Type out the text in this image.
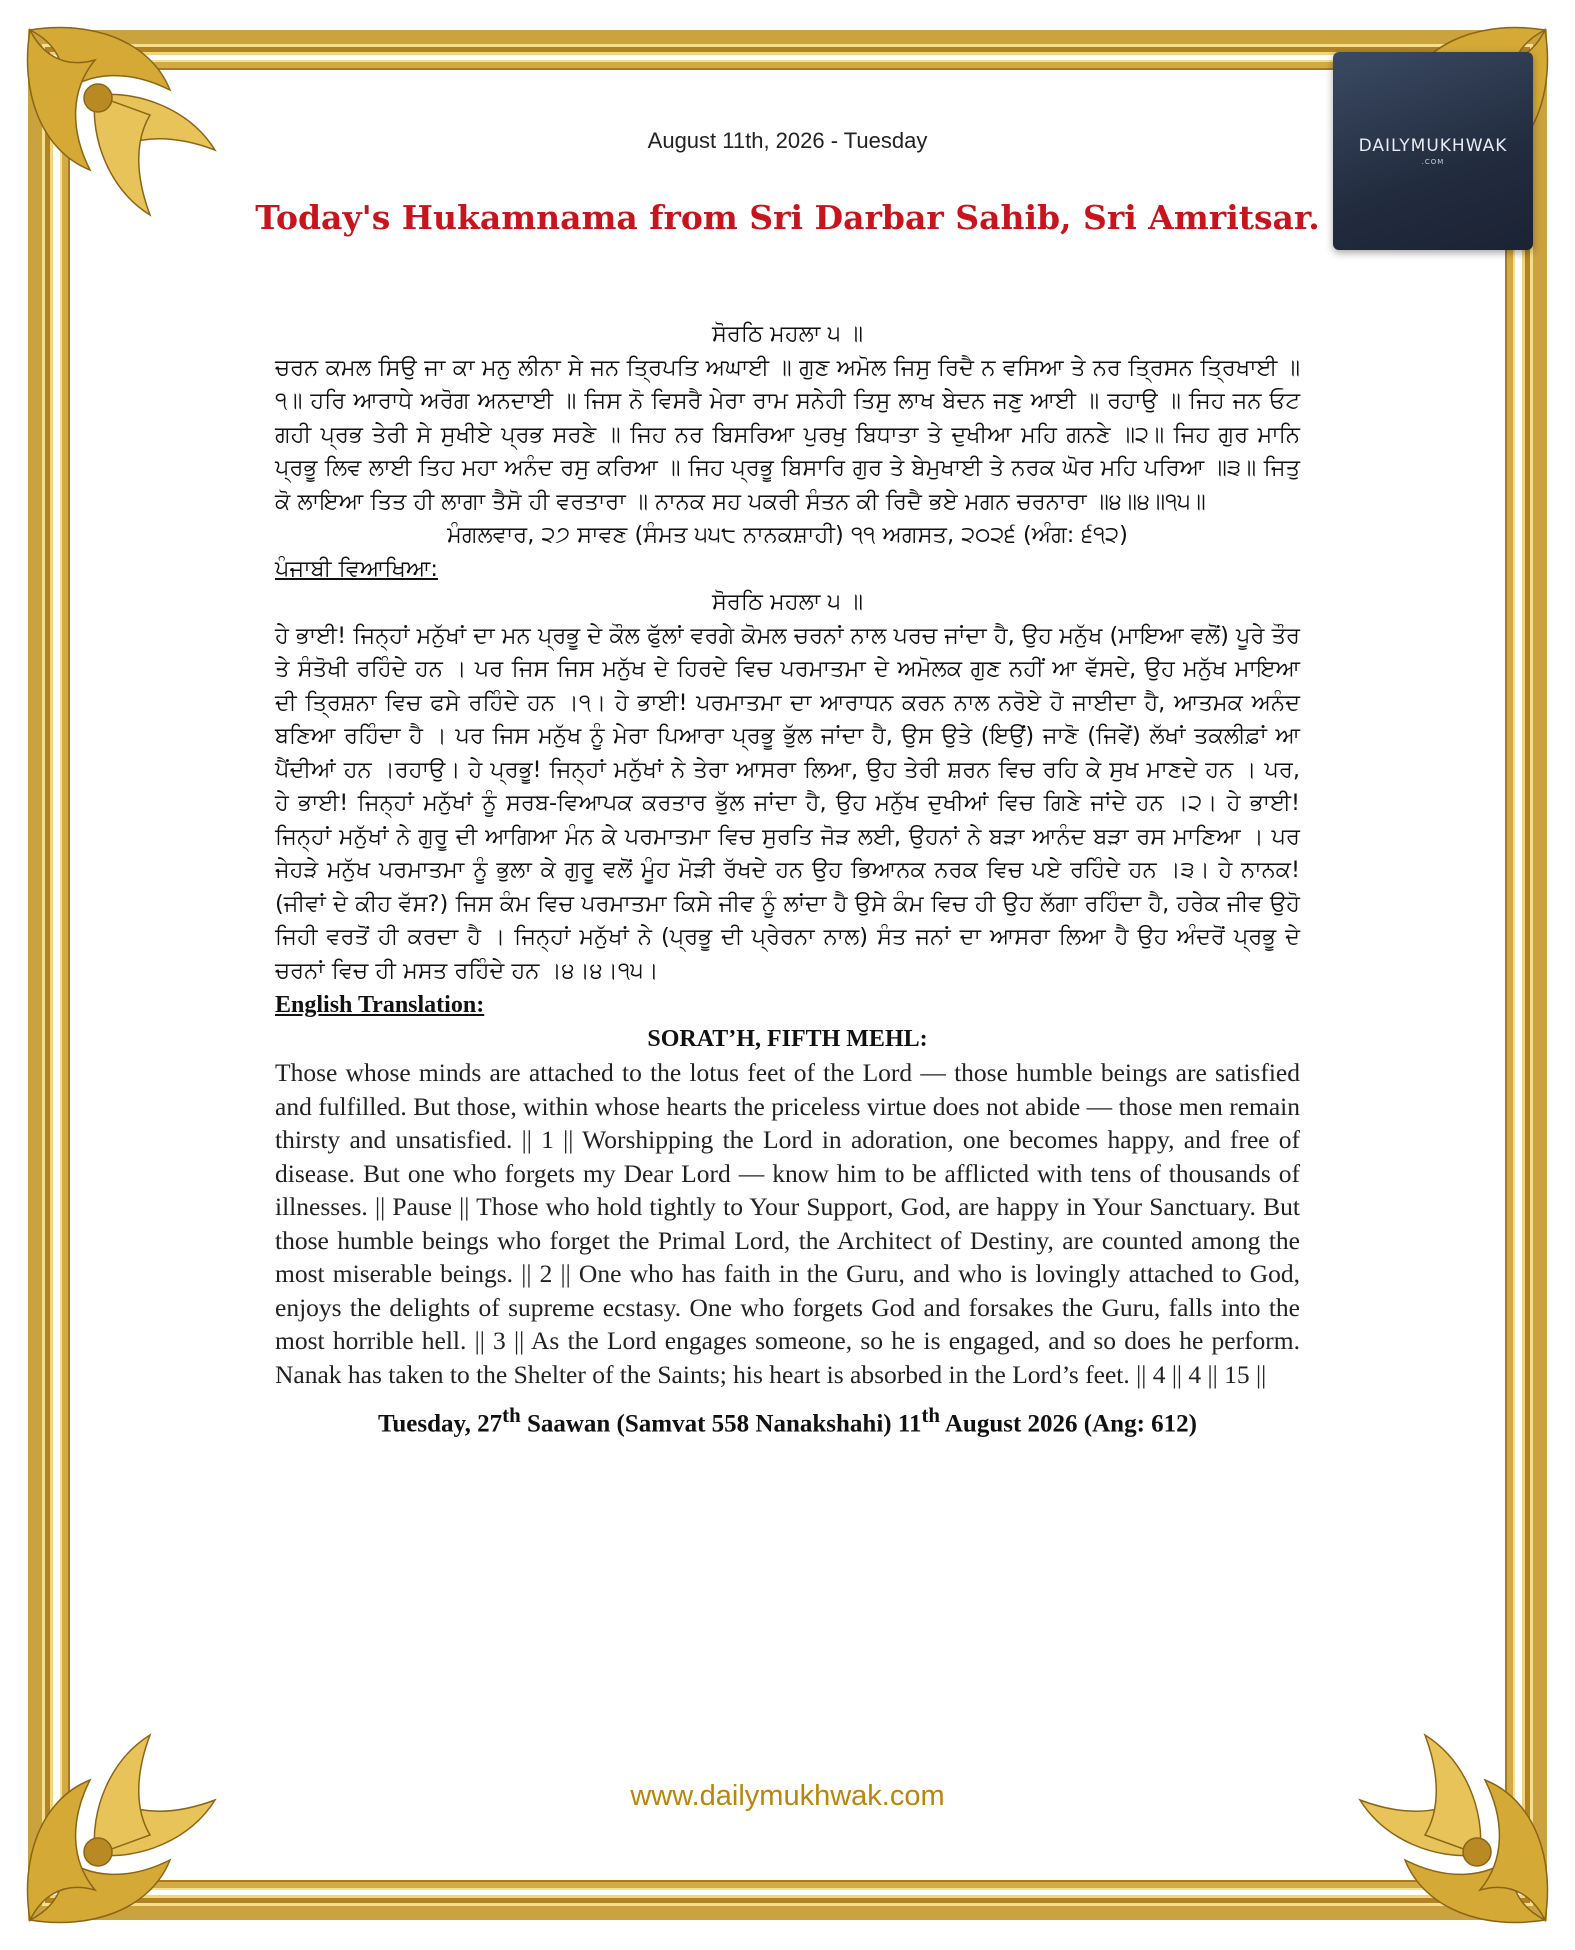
DAILYMUKHWAK
.COM
August 11th, 2026 - Tuesday
Today's Hukamnama from Sri Darbar Sahib, Sri Amritsar.
ਸੋਰਠਿ ਮਹਲਾ ੫ ॥
ਚਰਨ ਕਮਲ ਸਿਉ ਜਾ ਕਾ ਮਨੁ ਲੀਨਾ ਸੇ ਜਨ ਤ੍ਰਿਪਤਿ ਅਘਾਈ ॥ ਗੁਣ ਅਮੋਲ ਜਿਸੁ ਰਿਦੈ ਨ ਵਸਿਆ ਤੇ ਨਰ ਤ੍ਰਿਸਨ ਤ੍ਰਿਖਾਈ ॥੧॥ ਹਰਿ ਆਰਾਧੇ ਅਰੋਗ ਅਨਦਾਈ ॥ ਜਿਸ ਨੋ ਵਿਸਰੈ ਮੇਰਾ ਰਾਮ ਸਨੇਹੀ ਤਿਸੁ ਲਾਖ ਬੇਦਨ ਜਣੁ ਆਈ ॥ ਰਹਾਉ ॥ ਜਿਹ ਜਨ ਓਟ ਗਹੀ ਪ੍ਰਭ ਤੇਰੀ ਸੇ ਸੁਖੀਏ ਪ੍ਰਭ ਸਰਣੇ ॥ ਜਿਹ ਨਰ ਬਿਸਰਿਆ ਪੁਰਖੁ ਬਿਧਾਤਾ ਤੇ ਦੁਖੀਆ ਮਹਿ ਗਨਣੇ ॥੨॥ ਜਿਹ ਗੁਰ ਮਾਨਿ ਪ੍ਰਭੂ ਲਿਵ ਲਾਈ ਤਿਹ ਮਹਾ ਅਨੰਦ ਰਸੁ ਕਰਿਆ ॥ ਜਿਹ ਪ੍ਰਭੂ ਬਿਸਾਰਿ ਗੁਰ ਤੇ ਬੇਮੁਖਾਈ ਤੇ ਨਰਕ ਘੋਰ ਮਹਿ ਪਰਿਆ ॥੩॥ ਜਿਤੁ ਕੋ ਲਾਇਆ ਤਿਤ ਹੀ ਲਾਗਾ ਤੈਸੋ ਹੀ ਵਰਤਾਰਾ ॥ ਨਾਨਕ ਸਹ ਪਕਰੀ ਸੰਤਨ ਕੀ ਰਿਦੈ ਭਏ ਮਗਨ ਚਰਨਾਰਾ ॥੪॥੪॥੧੫॥
ਮੰਗਲਵਾਰ, ੨੭ ਸਾਵਣ (ਸੰਮਤ ੫੫੮ ਨਾਨਕਸ਼ਾਹੀ) ੧੧ ਅਗਸਤ, ੨੦੨੬ (ਅੰਗ: ੬੧੨)
ਪੰਜਾਬੀ ਵਿਆਖਿਆ:
ਸੋਰਠਿ ਮਹਲਾ ੫ ॥
ਹੇ ਭਾਈ! ਜਿਨ੍ਹਾਂ ਮਨੁੱਖਾਂ ਦਾ ਮਨ ਪ੍ਰਭੂ ਦੇ ਕੌਲ ਫੁੱਲਾਂ ਵਰਗੇ ਕੋਮਲ ਚਰਨਾਂ ਨਾਲ ਪਰਚ ਜਾਂਦਾ ਹੈ, ਉਹ ਮਨੁੱਖ (ਮਾਇਆ ਵਲੋਂ) ਪੂਰੇ ਤੌਰ ਤੇ ਸੰਤੋਖੀ ਰਹਿੰਦੇ ਹਨ । ਪਰ ਜਿਸ ਜਿਸ ਮਨੁੱਖ ਦੇ ਹਿਰਦੇ ਵਿਚ ਪਰਮਾਤਮਾ ਦੇ ਅਮੋਲਕ ਗੁਣ ਨਹੀਂ ਆ ਵੱਸਦੇ, ਉਹ ਮਨੁੱਖ ਮਾਇਆ ਦੀ ਤ੍ਰਿਸ਼ਨਾ ਵਿਚ ਫਸੇ ਰਹਿੰਦੇ ਹਨ ।੧। ਹੇ ਭਾਈ! ਪਰਮਾਤਮਾ ਦਾ ਆਰਾਧਨ ਕਰਨ ਨਾਲ ਨਰੋਏ ਹੋ ਜਾਈਦਾ ਹੈ, ਆਤਮਕ ਅਨੰਦ ਬਣਿਆ ਰਹਿੰਦਾ ਹੈ । ਪਰ ਜਿਸ ਮਨੁੱਖ ਨੂੰ ਮੇਰਾ ਪਿਆਰਾ ਪ੍ਰਭੂ ਭੁੱਲ ਜਾਂਦਾ ਹੈ, ਉਸ ਉਤੇ (ਇਉਂ) ਜਾਣੋ (ਜਿਵੇਂ) ਲੱਖਾਂ ਤਕਲੀਫ਼ਾਂ ਆ ਪੈਂਦੀਆਂ ਹਨ ।ਰਹਾਉ। ਹੇ ਪ੍ਰਭੂ! ਜਿਨ੍ਹਾਂ ਮਨੁੱਖਾਂ ਨੇ ਤੇਰਾ ਆਸਰਾ ਲਿਆ, ਉਹ ਤੇਰੀ ਸ਼ਰਨ ਵਿਚ ਰਹਿ ਕੇ ਸੁਖ ਮਾਣਦੇ ਹਨ । ਪਰ, ਹੇ ਭਾਈ! ਜਿਨ੍ਹਾਂ ਮਨੁੱਖਾਂ ਨੂੰ ਸਰਬ-ਵਿਆਪਕ ਕਰਤਾਰ ਭੁੱਲ ਜਾਂਦਾ ਹੈ, ਉਹ ਮਨੁੱਖ ਦੁਖੀਆਂ ਵਿਚ ਗਿਣੇ ਜਾਂਦੇ ਹਨ ।੨। ਹੇ ਭਾਈ! ਜਿਨ੍ਹਾਂ ਮਨੁੱਖਾਂ ਨੇ ਗੁਰੂ ਦੀ ਆਗਿਆ ਮੰਨ ਕੇ ਪਰਮਾਤਮਾ ਵਿਚ ਸੁਰਤਿ ਜੋੜ ਲਈ, ਉਹਨਾਂ ਨੇ ਬੜਾ ਆਨੰਦ ਬੜਾ ਰਸ ਮਾਣਿਆ । ਪਰ ਜੇਹੜੇ ਮਨੁੱਖ ਪਰਮਾਤਮਾ ਨੂੰ ਭੁਲਾ ਕੇ ਗੁਰੂ ਵਲੋਂ ਮੂੰਹ ਮੋੜੀ ਰੱਖਦੇ ਹਨ ਉਹ ਭਿਆਨਕ ਨਰਕ ਵਿਚ ਪਏ ਰਹਿੰਦੇ ਹਨ ।੩। ਹੇ ਨਾਨਕ! (ਜੀਵਾਂ ਦੇ ਕੀਹ ਵੱਸ?) ਜਿਸ ਕੰਮ ਵਿਚ ਪਰਮਾਤਮਾ ਕਿਸੇ ਜੀਵ ਨੂੰ ਲਾਂਦਾ ਹੈ ਉਸੇ ਕੰਮ ਵਿਚ ਹੀ ਉਹ ਲੱਗਾ ਰਹਿੰਦਾ ਹੈ, ਹਰੇਕ ਜੀਵ ਉਹੋ ਜਿਹੀ ਵਰਤੋਂ ਹੀ ਕਰਦਾ ਹੈ । ਜਿਨ੍ਹਾਂ ਮਨੁੱਖਾਂ ਨੇ (ਪ੍ਰਭੂ ਦੀ ਪ੍ਰੇਰਨਾ ਨਾਲ) ਸੰਤ ਜਨਾਂ ਦਾ ਆਸਰਾ ਲਿਆ ਹੈ ਉਹ ਅੰਦਰੋਂ ਪ੍ਰਭੂ ਦੇ ਚਰਨਾਂ ਵਿਚ ਹੀ ਮਸਤ ਰਹਿੰਦੇ ਹਨ ।੪।੪।੧੫।
English Translation:
SORAT’H, FIFTH MEHL:
Those whose minds are attached to the lotus feet of the Lord — those humble beings are satisfied and fulfilled. But those, within whose hearts the priceless virtue does not abide — those men remain thirsty and unsatisfied. || 1 || Worshipping the Lord in adoration, one becomes happy, and free of disease. But one who forgets my Dear Lord — know him to be afflicted with tens of thousands of illnesses. || Pause || Those who hold tightly to Your Support, God, are happy in Your Sanctuary. But those humble beings who forget the Primal Lord, the Architect of Destiny, are counted among the most miserable beings. || 2 || One who has faith in the Guru, and who is lovingly attached to God, enjoys the delights of supreme ecstasy. One who forgets God and forsakes the Guru, falls into the most horrible hell. || 3 || As the Lord engages someone, so he is engaged, and so does he perform. Nanak has taken to the Shelter of the Saints; his heart is absorbed in the Lord’s feet. || 4 || 4 || 15 ||
Tuesday, 27th Saawan (Samvat 558 Nanakshahi) 11th August 2026 (Ang: 612)
www.dailymukhwak.com
